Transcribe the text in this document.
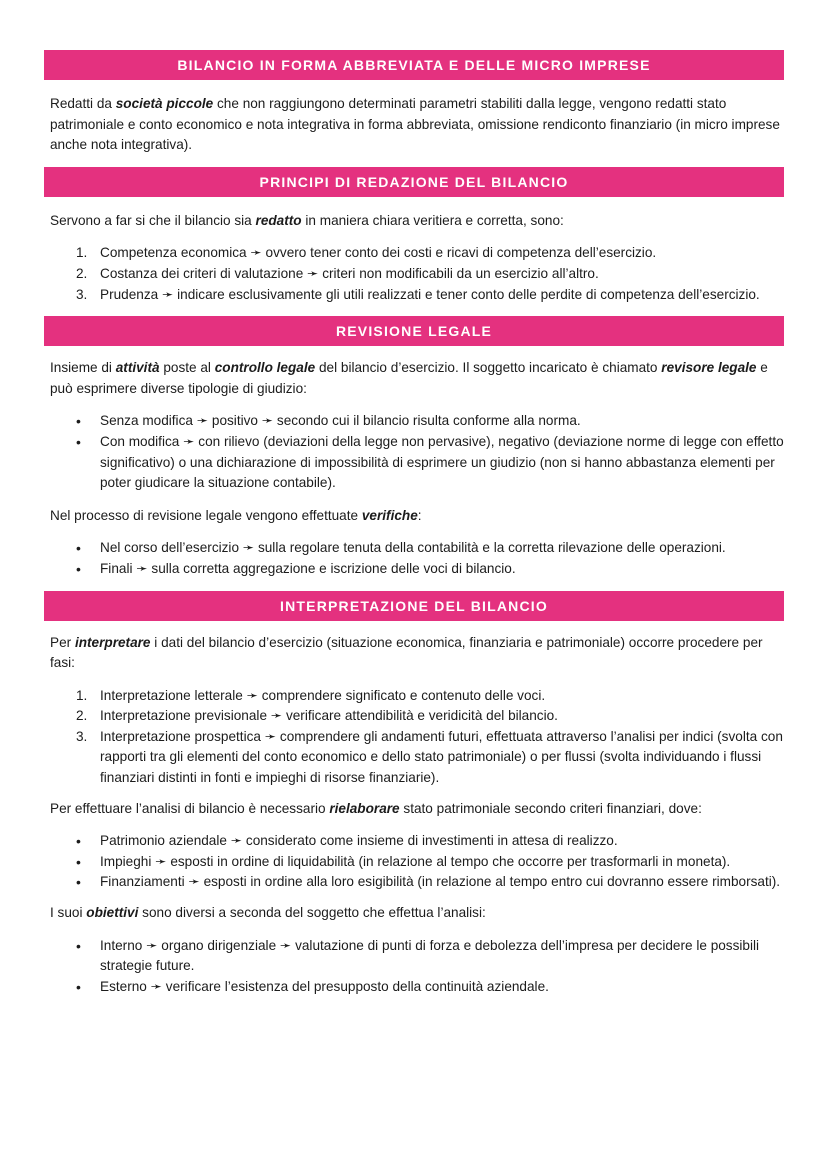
BILANCIO IN FORMA ABBREVIATA E DELLE MICRO IMPRESE

Redatti da società piccole che non raggiungono determinati parametri stabiliti dalla legge, vengono redatti stato patrimoniale e conto economico e nota integrativa in forma abbreviata, omissione rendiconto finanziario (in micro imprese anche nota integrativa).

PRINCIPI DI REDAZIONE DEL BILANCIO

Servono a far si che il bilancio sia redatto in maniera chiara veritiera e corretta, sono:

1. Competenza economica ➛ ovvero tener conto dei costi e ricavi di competenza dell’esercizio.
2. Costanza dei criteri di valutazione ➛ criteri non modificabili da un esercizio all’altro.
3. Prudenza ➛ indicare esclusivamente gli utili realizzati e tener conto delle perdite di competenza dell’esercizio.
REVISIONE LEGALE

Insieme di attività poste al controllo legale del bilancio d’esercizio. Il soggetto incaricato è chiamato revisore legale e può esprimere diverse tipologie di giudizio:

• Senza modifica ➛ positivo ➛ secondo cui il bilancio risulta conforme alla norma.
• Con modifica ➛ con rilievo (deviazioni della legge non pervasive), negativo (deviazione norme di legge con effetto significativo) o una dichiarazione di impossibilità di esprimere un giudizio (non si hanno abbastanza elementi per poter giudicare la situazione contabile).

Nel processo di revisione legale vengono effettuate verifiche:

• Nel corso dell’esercizio ➛ sulla regolare tenuta della contabilità e la corretta rilevazione delle operazioni.
• Finali ➛ sulla corretta aggregazione e iscrizione delle voci di bilancio.
INTERPRETAZIONE DEL BILANCIO

Per interpretare i dati del bilancio d’esercizio (situazione economica, finanziaria e patrimoniale) occorre procedere per fasi:

1. Interpretazione letterale ➛ comprendere significato e contenuto delle voci.
2. Interpretazione previsionale ➛ verificare attendibilità e veridicità del bilancio.
3. Interpretazione prospettica ➛ comprendere gli andamenti futuri, effettuata attraverso l’analisi per indici (svolta con rapporti tra gli elementi del conto economico e dello stato patrimoniale) o per flussi (svolta individuando i flussi finanziari distinti in fonti e impieghi di risorse finanziarie).

Per effettuare l’analisi di bilancio è necessario rielaborare stato patrimoniale secondo criteri finanziari, dove:

• Patrimonio aziendale ➛ considerato come insieme di investimenti in attesa di realizzo.
• Impieghi ➛ esposti in ordine di liquidabilità (in relazione al tempo che occorre per trasformarli in moneta).
• Finanziamenti ➛ esposti in ordine alla loro esigibilità (in relazione al tempo entro cui dovranno essere rimborsati).

I suoi obiettivi sono diversi a seconda del soggetto che effettua l’analisi:

• Interno ➛ organo dirigenziale ➛ valutazione di punti di forza e debolezza dell’impresa per decidere le possibili strategie future.
• Esterno ➛ verificare l’esistenza del presupposto della continuità aziendale.
